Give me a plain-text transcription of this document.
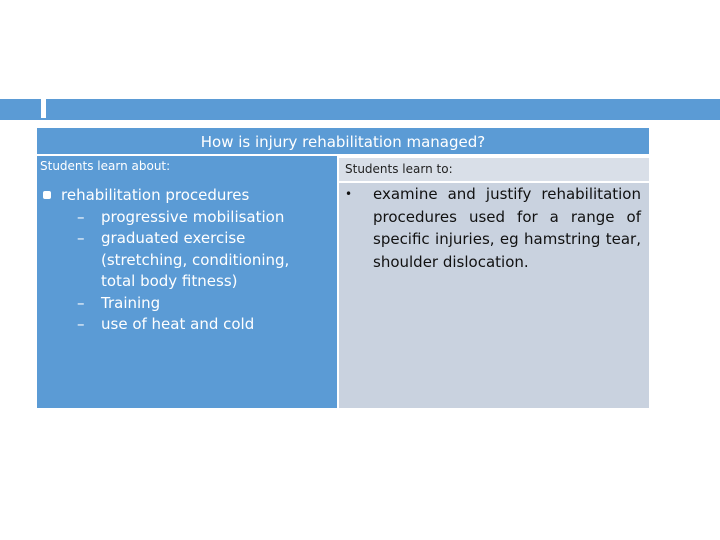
How is injury rehabilitation managed?
Students learn about:	Students learn to:
rehabilitation procedures
– progressive mobilisation
– graduated exercise
(stretching, conditioning,
total body fitness)
– Training
– use of heat and cold
• examine and justify rehabilitation procedures used for a range of specific injuries, eg hamstring tear, shoulder dislocation.
